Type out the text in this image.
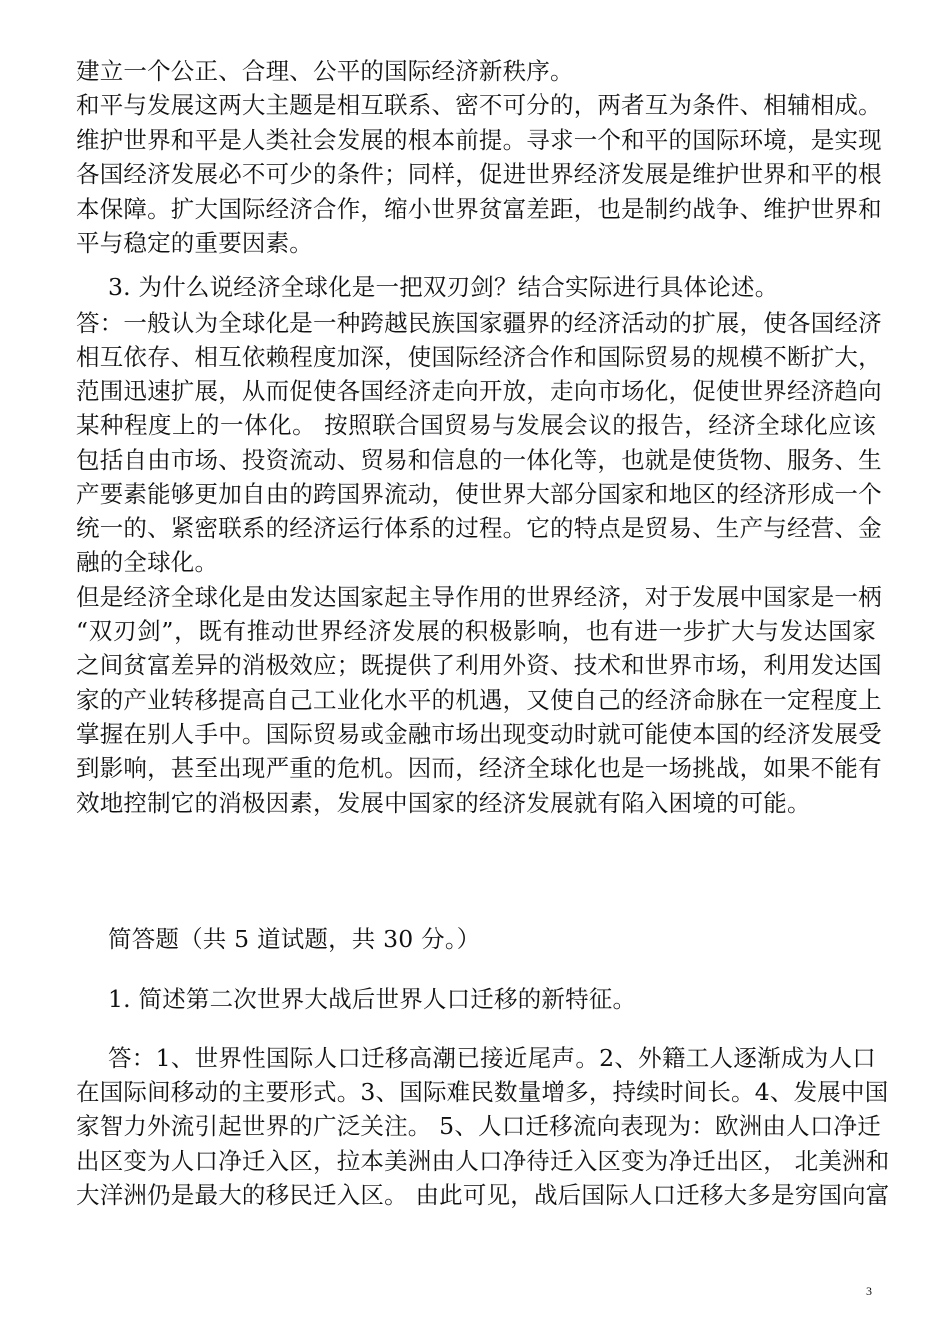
建立一个公正、合理、公平的国际经济新秩序。
和平与发展这两大主题是相互联系、密不可分的，两者互为条件、相辅相成。
维护世界和平是人类社会发展的根本前提。寻求一个和平的国际环境，是实现
各国经济发展必不可少的条件；同样，促进世界经济发展是维护世界和平的根
本保障。扩大国际经济合作，缩小世界贫富差距，也是制约战争、维护世界和
平与稳定的重要因素。
3. 为什么说经济全球化是一把双刃剑？结合实际进行具体论述。
答：一般认为全球化是一种跨越民族国家疆界的经济活动的扩展，使各国经济
相互依存、相互依赖程度加深，使国际经济合作和国际贸易的规模不断扩大，
范围迅速扩展，从而促使各国经济走向开放，走向市场化，促使世界经济趋向
某种程度上的一体化。 按照联合国贸易与发展会议的报告，经济全球化应该
包括自由市场、投资流动、贸易和信息的一体化等，也就是使货物、服务、生
产要素能够更加自由的跨国界流动，使世界大部分国家和地区的经济形成一个
统一的、紧密联系的经济运行体系的过程。它的特点是贸易、生产与经营、金
融的全球化。
但是经济全球化是由发达国家起主导作用的世界经济，对于发展中国家是一柄
“双刃剑”，既有推动世界经济发展的积极影响，也有进一步扩大与发达国家
之间贫富差异的消极效应；既提供了利用外资、技术和世界市场，利用发达国
家的产业转移提高自己工业化水平的机遇，又使自己的经济命脉在一定程度上
掌握在别人手中。国际贸易或金融市场出现变动时就可能使本国的经济发展受
到影响，甚至出现严重的危机。因而，经济全球化也是一场挑战，如果不能有
效地控制它的消极因素，发展中国家的经济发展就有陷入困境的可能。
简答题（共 5 道试题，共 30 分。）
1. 简述第二次世界大战后世界人口迁移的新特征。
答：1、世界性国际人口迁移高潮已接近尾声。2、外籍工人逐渐成为人口
在国际间移动的主要形式。3、国际难民数量增多，持续时间长。4、发展中国
家智力外流引起世界的广泛关注。 5、人口迁移流向表现为：欧洲由人口净迁
出区变为人口净迁入区，拉本美洲由人口净待迁入区变为净迁出区， 北美洲和
大洋洲仍是最大的移民迁入区。 由此可见，战后国际人口迁移大多是穷国向富
3
